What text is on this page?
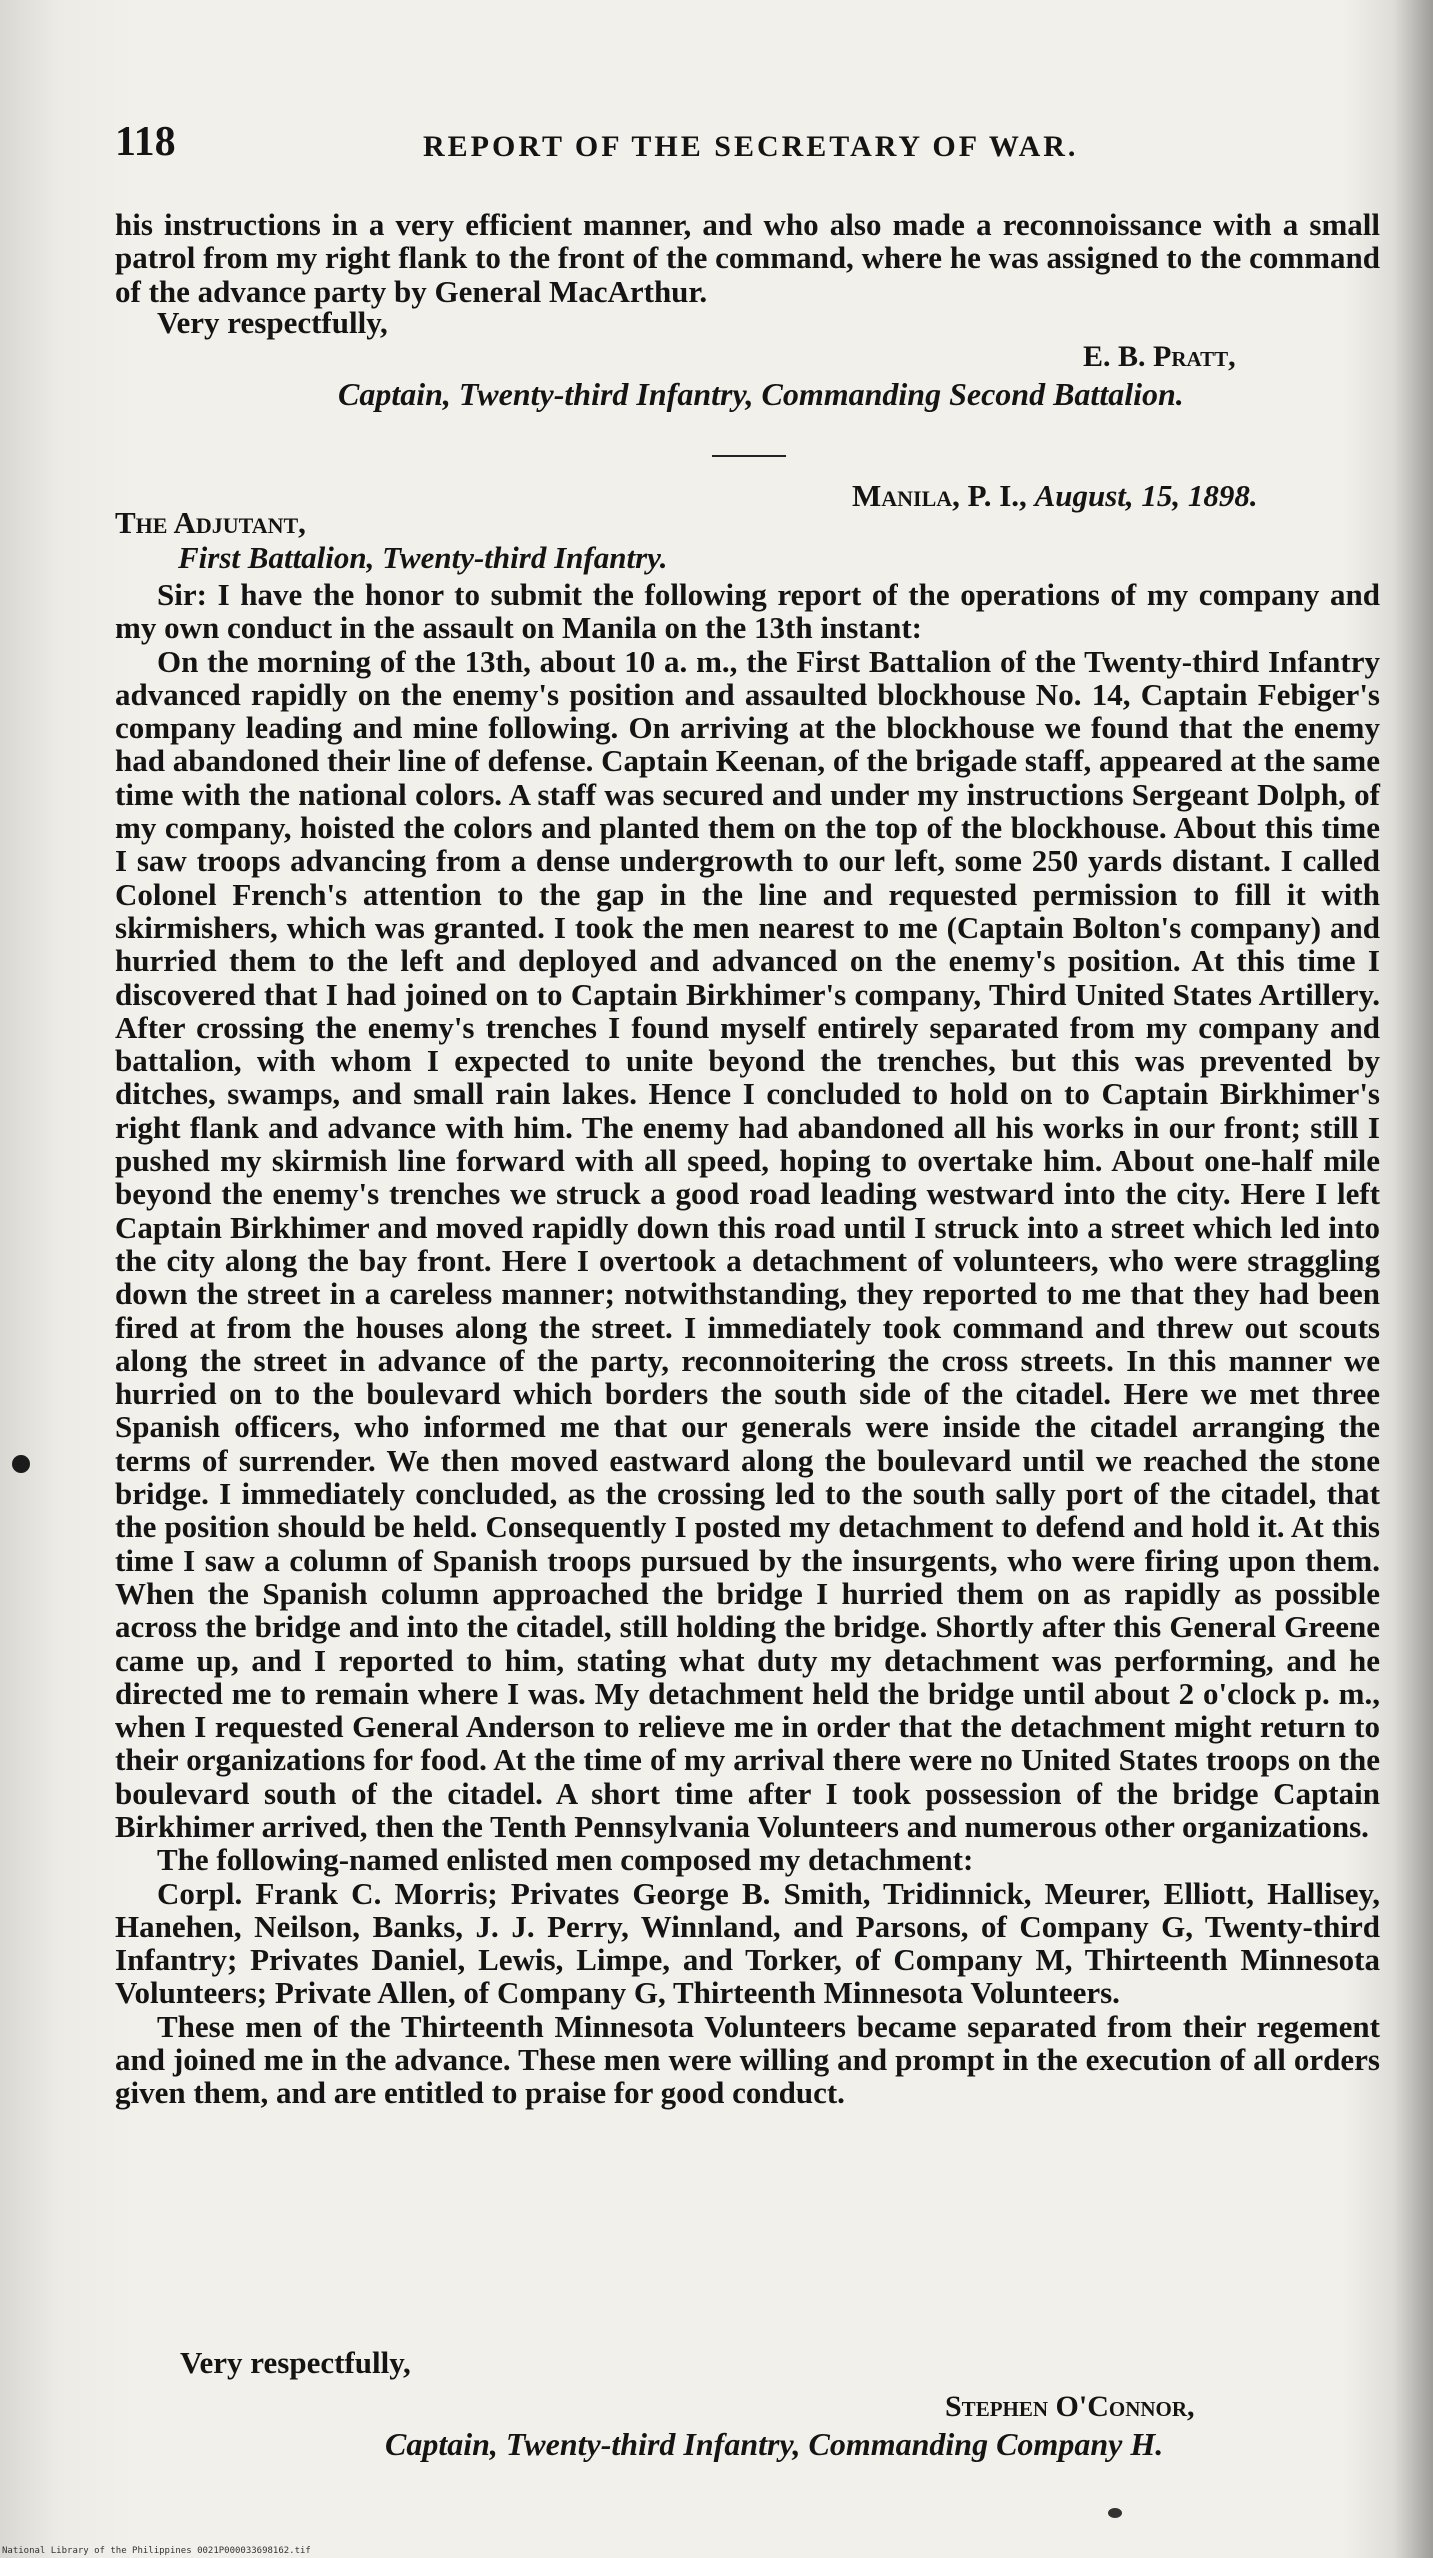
118	REPORT OF THE SECRETARY OF WAR.

his instructions in a very efficient manner, and who also made a reconnoissance with a small patrol from my right flank to the front of the command, where he was assigned to the command of the advance party by General MacArthur.

Very respectfully,
E. B. Pratt,
Captain, Twenty-third Infantry, Commanding Second Battalion.
Manila, P. I., August, 15, 1898.
The Adjutant,
First Battalion, Twenty-third Infantry.

Sir: I have the honor to submit the following report of the operations of my company and my own conduct in the assault on Manila on the 13th instant:

On the morning of the 13th, about 10 a. m., the First Battalion of the Twenty-third Infantry advanced rapidly on the enemy's position and assaulted blockhouse No. 14, Captain Febiger's company leading and mine following. On arriving at the blockhouse we found that the enemy had abandoned their line of defense. Captain Keenan, of the brigade staff, appeared at the same time with the national colors. A staff was secured and under my instructions Sergeant Dolph, of my company, hoisted the colors and planted them on the top of the blockhouse. About this time I saw troops advancing from a dense undergrowth to our left, some 250 yards distant. I called Colonel French's attention to the gap in the line and requested permission to fill it with skirmishers, which was granted. I took the men nearest to me (Captain Bolton's company) and hurried them to the left and deployed and advanced on the enemy's position. At this time I discovered that I had joined on to Captain Birkhimer's company, Third United States Artillery. After crossing the enemy's trenches I found myself entirely separated from my company and battalion, with whom I expected to unite beyond the trenches, but this was prevented by ditches, swamps, and small rain lakes. Hence I concluded to hold on to Captain Birkhimer's right flank and advance with him. The enemy had abandoned all his works in our front; still I pushed my skirmish line forward with all speed, hoping to overtake him. About one-half mile beyond the enemy's trenches we struck a good road leading westward into the city. Here I left Captain Birkhimer and moved rapidly down this road until I struck into a street which led into the city along the bay front. Here I overtook a detachment of volunteers, who were straggling down the street in a careless manner; notwithstanding, they reported to me that they had been fired at from the houses along the street. I immediately took command and threw out scouts along the street in advance of the party, reconnoitering the cross streets. In this manner we hurried on to the boulevard which borders the south side of the citadel. Here we met three Spanish officers, who informed me that our generals were inside the citadel arranging the terms of surrender. We then moved eastward along the boulevard until we reached the stone bridge. I immediately concluded, as the crossing led to the south sally port of the citadel, that the position should be held. Consequently I posted my detachment to defend and hold it. At this time I saw a column of Spanish troops pursued by the insurgents, who were firing upon them. When the Spanish column approached the bridge I hurried them on as rapidly as possible across the bridge and into the citadel, still holding the bridge. Shortly after this General Greene came up, and I reported to him, stating what duty my detachment was performing, and he directed me to remain where I was. My detachment held the bridge until about 2 o'clock p. m., when I requested General Anderson to relieve me in order that the detachment might return to their organizations for food. At the time of my arrival there were no United States troops on the boulevard south of the citadel. A short time after I took possession of the bridge Captain Birkhimer arrived, then the Tenth Pennsylvania Volunteers and numerous other organizations.

The following-named enlisted men composed my detachment:

Corpl. Frank C. Morris; Privates George B. Smith, Tridinnick, Meurer, Elliott, Hallisey, Hanehen, Neilson, Banks, J. J. Perry, Winnland, and Parsons, of Company G, Twenty-third Infantry; Privates Daniel, Lewis, Limpe, and Torker, of Company M, Thirteenth Minnesota Volunteers; Private Allen, of Company G, Thirteenth Minnesota Volunteers.

These men of the Thirteenth Minnesota Volunteers became separated from their regement and joined me in the advance. These men were willing and prompt in the execution of all orders given them, and are entitled to praise for good conduct.

Very respectfully,
Stephen O'Connor,
Captain, Twenty-third Infantry, Commanding Company H.
National Library of the Philippines 0021P000033698162.tif
